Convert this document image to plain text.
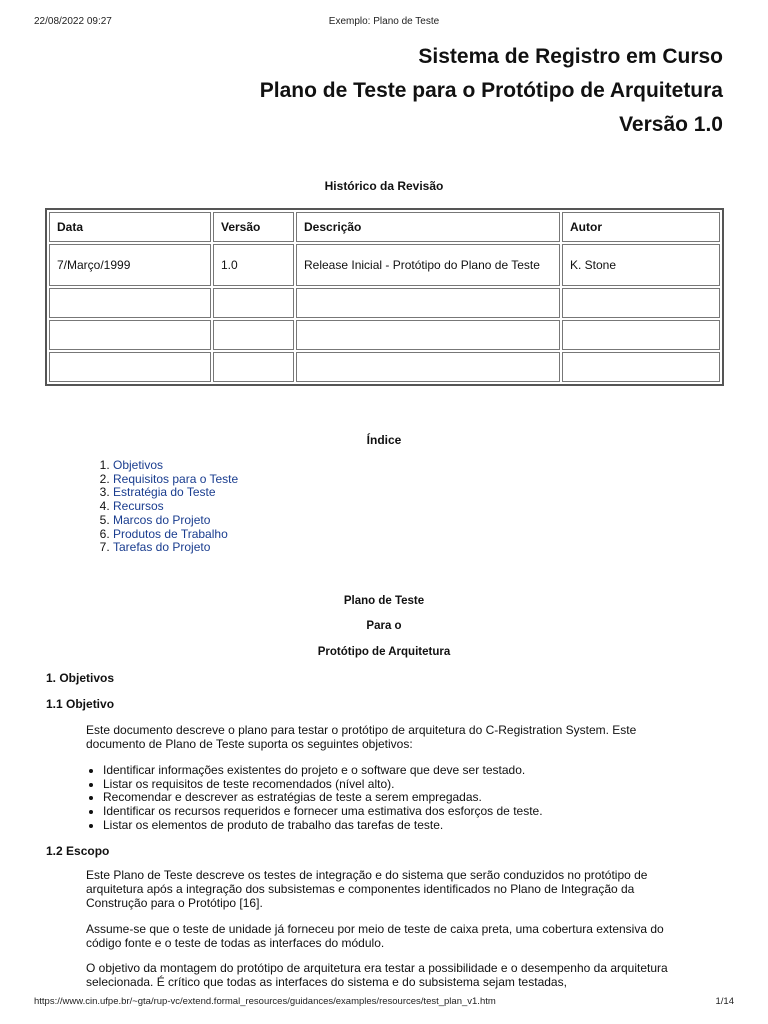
22/08/2022 09:27	Exemplo: Plano de Teste
Sistema de Registro em Curso
Plano de Teste para o Protótipo de Arquitetura
Versão 1.0
Histórico da Revisão
Data	Versão	Descrição	Autor
7/Março/1999	1.0	Release Inicial - Protótipo do Plano de Teste	K. Stone

Índice
1. Objetivos
2. Requisitos para o Teste
3. Estratégia do Teste
4. Recursos
5. Marcos do Projeto
6. Produtos de Trabalho
7. Tarefas do Projeto
Plano de Teste
Para o
Protótipo de Arquitetura
1. Objetivos
1.1 Objetivo
Este documento descreve o plano para testar o protótipo de arquitetura do C-Registration System. Este documento de Plano de Teste suporta os seguintes objetivos:
• Identificar informações existentes do projeto e o software que deve ser testado.
• Listar os requisitos de teste recomendados (nível alto).
• Recomendar e descrever as estratégias de teste a serem empregadas.
• Identificar os recursos requeridos e fornecer uma estimativa dos esforços de teste.
• Listar os elementos de produto de trabalho das tarefas de teste.
1.2 Escopo
Este Plano de Teste descreve os testes de integração e do sistema que serão conduzidos no protótipo de arquitetura após a integração dos subsistemas e componentes identificados no Plano de Integração da Construção para o Protótipo [16].
Assume-se que o teste de unidade já forneceu por meio de teste de caixa preta, uma cobertura extensiva do código fonte e o teste de todas as interfaces do módulo.
O objetivo da montagem do protótipo de arquitetura era testar a possibilidade e o desempenho da arquitetura selecionada. É crítico que todas as interfaces do sistema e do subsistema sejam testadas,
https://www.cin.ufpe.br/~gta/rup-vc/extend.formal_resources/guidances/examples/resources/test_plan_v1.htm	1/14
